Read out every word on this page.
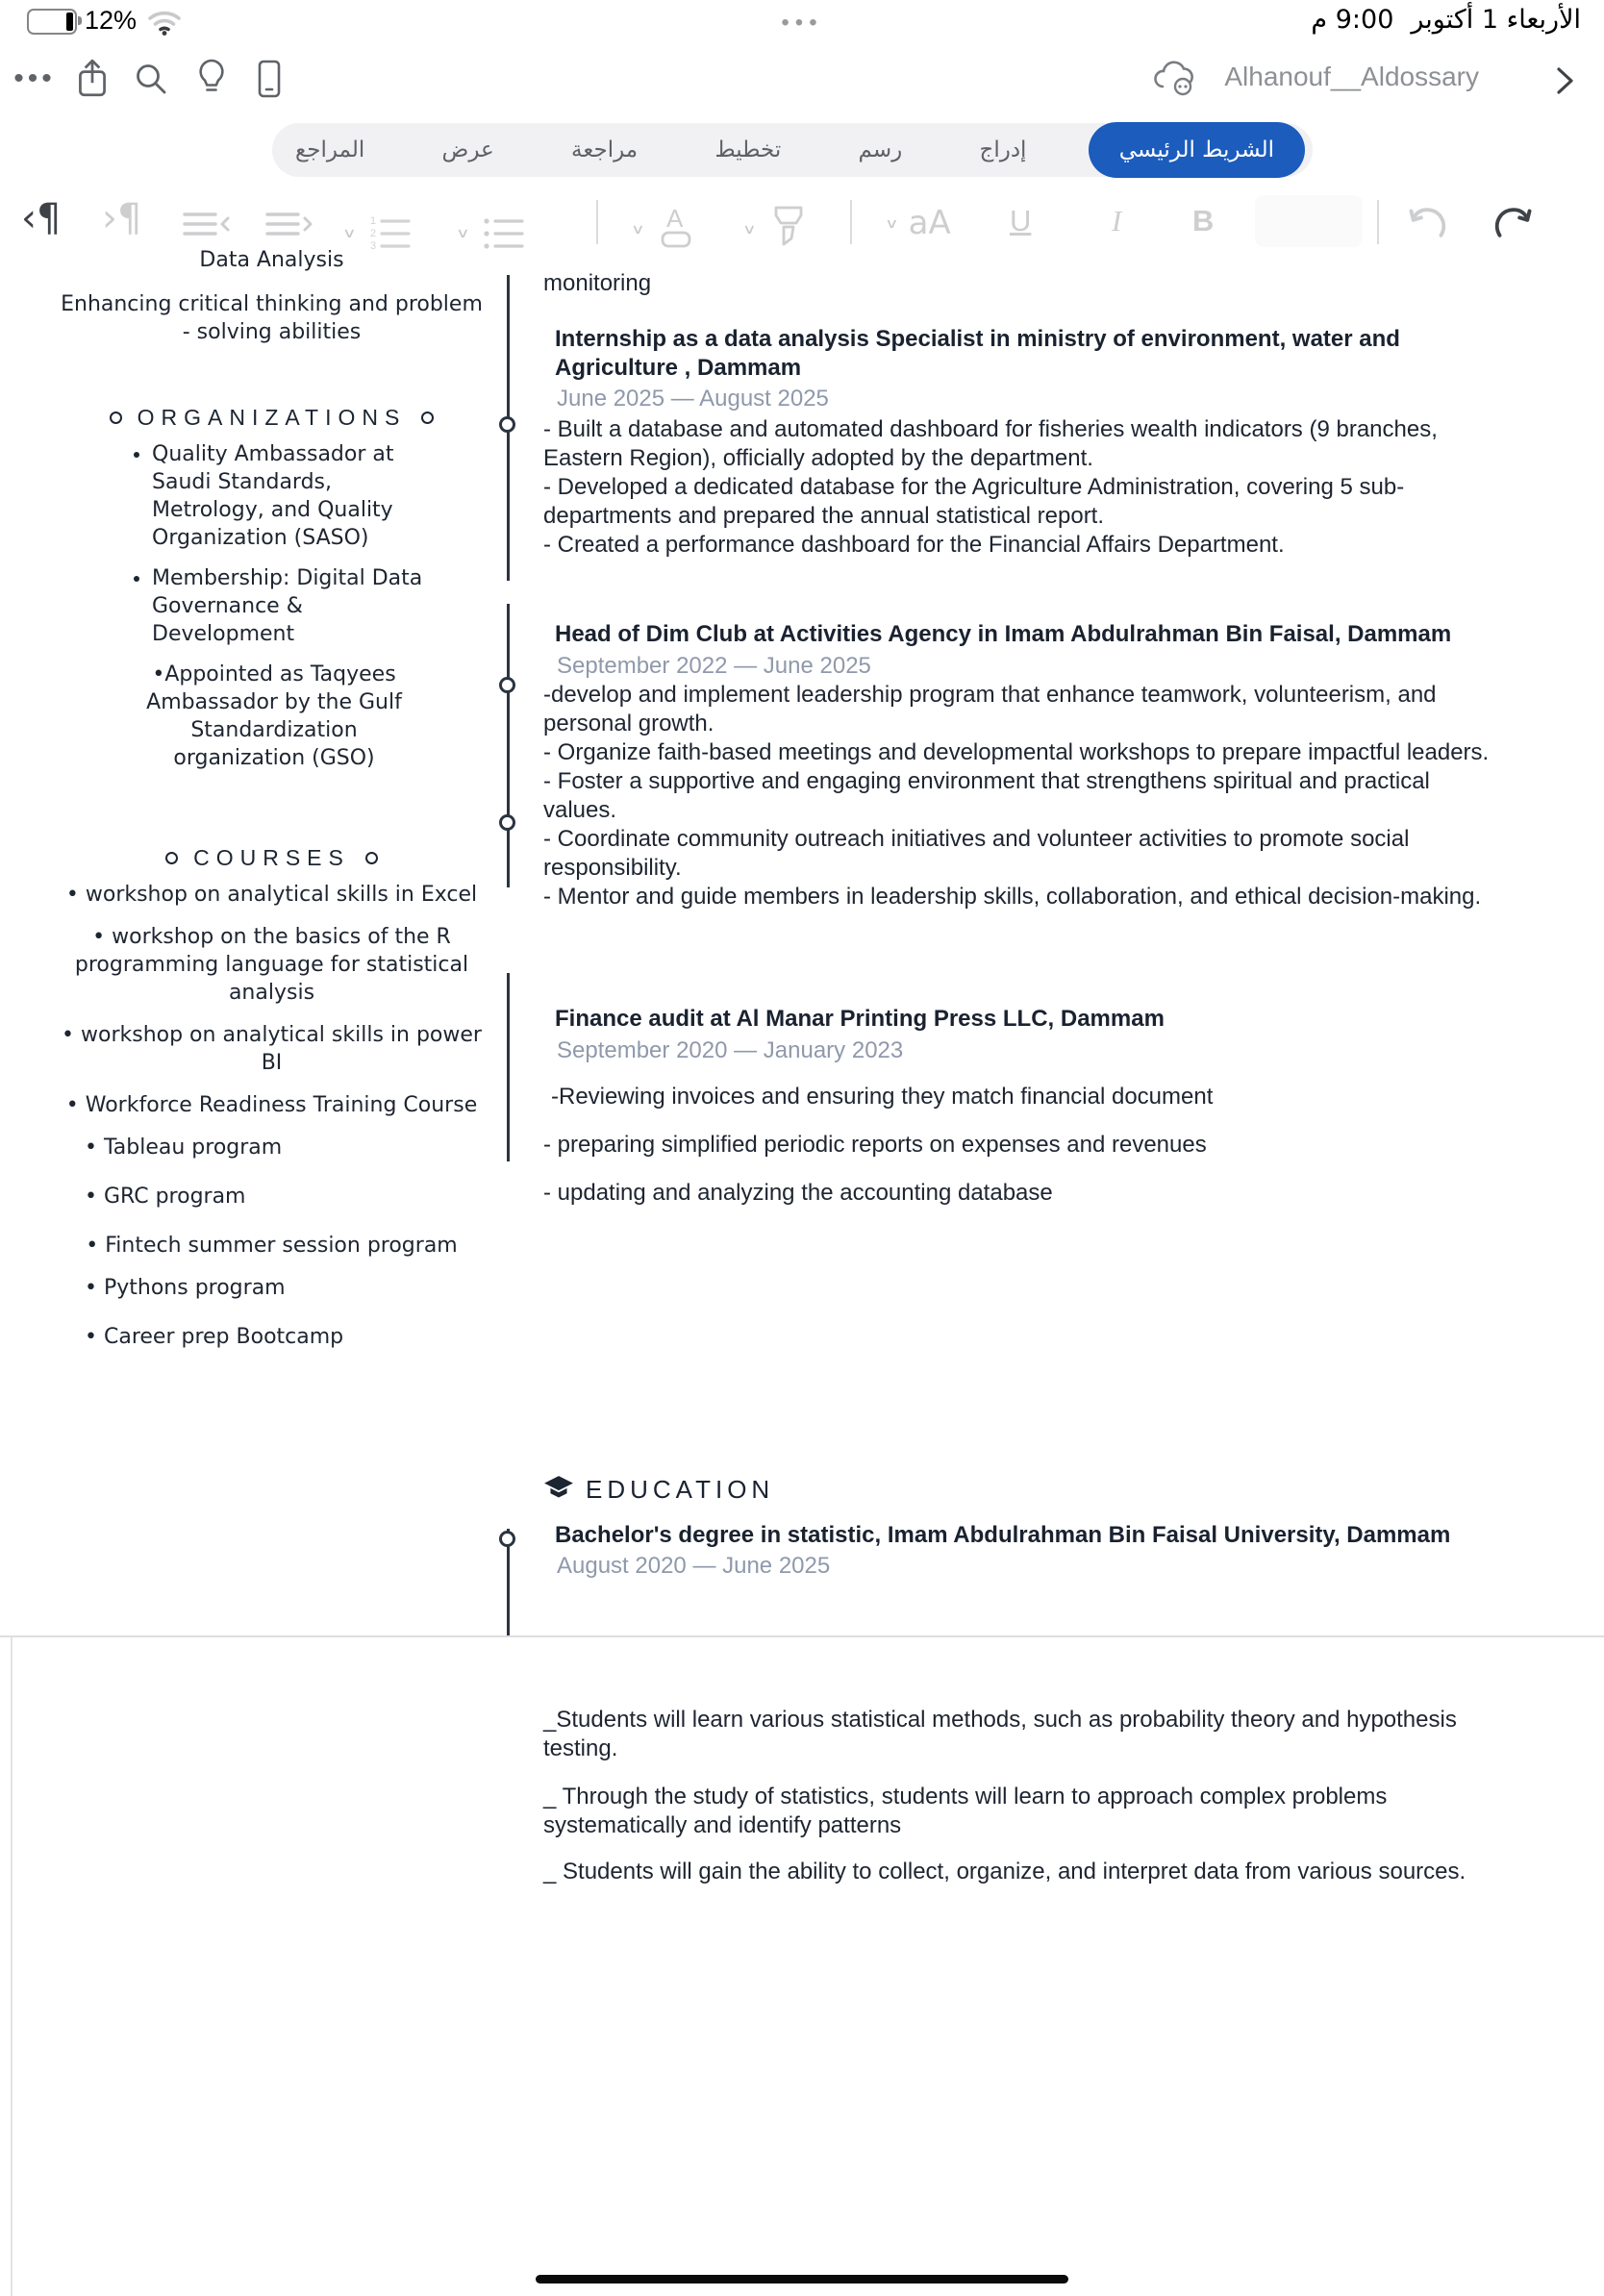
12%	•••	الأربعاء 1 أكتوبر
9:00 م
•••	Alhanouf__Aldossary
الشريط الرئيسي
إدراج
رسم
تخطيط
مراجعة
عرض
المراجع
‹¶ ›¶	∨
1
2
3
∨	∨ A	∨	∨ aA U	I B
Data Analysis
Enhancing critical thinking and problem - solving abilities
ORGANIZATIONS
• Quality Ambassador at Saudi Standards, Metrology, and Quality Organization (SASO)
• Membership: Digital Data Governance & Development
• Appointed as Taqyees Ambassador by the Gulf Standardization organization (GSO)
COURSES

• workshop on analytical skills in Excel

• workshop on the basics of the R programming language for statistical analysis

• workshop on analytical skills in power BI

• Workforce Readiness Training Course

• Tableau program

• GRC program

• Fintech summer session program

• Pythons program

• Career prep Bootcamp

monitoring
Internship as a data analysis Specialist in ministry of environment, water and Agriculture , Dammam
June 2025 — August 2025

- Built a database and automated dashboard for fisheries wealth indicators (9 branches, Eastern Region), officially adopted by the department.

- Developed a dedicated database for the Agriculture Administration, covering 5 sub-departments and prepared the annual statistical report.

- Created a performance dashboard for the Financial Affairs Department.

Head of Dim Club at Activities Agency in Imam Abdulrahman Bin Faisal, Dammam
September 2022 — June 2025

-develop and implement leadership program that enhance teamwork, volunteerism, and personal growth.

- Organize faith-based meetings and developmental workshops to prepare impactful leaders.

- Foster a supportive and engaging environment that strengthens spiritual and practical values.

- Coordinate community outreach initiatives and volunteer activities to promote social responsibility.

- Mentor and guide members in leadership skills, collaboration, and ethical decision-making.

Finance audit at Al Manar Printing Press LLC, Dammam
September 2020 — January 2023

-Reviewing invoices and ensuring they match financial document

- preparing simplified periodic reports on expenses and revenues

- updating and analyzing the accounting database

EDUCATION
Bachelor's degree in statistic, Imam Abdulrahman Bin Faisal University, Dammam
August 2020 — June 2025
_Students will learn various statistical methods, such as probability theory and hypothesis testing.
_ Through the study of statistics, students will learn to approach complex problems systematically and identify patterns
_ Students will gain the ability to collect, organize, and interpret data from various sources.
